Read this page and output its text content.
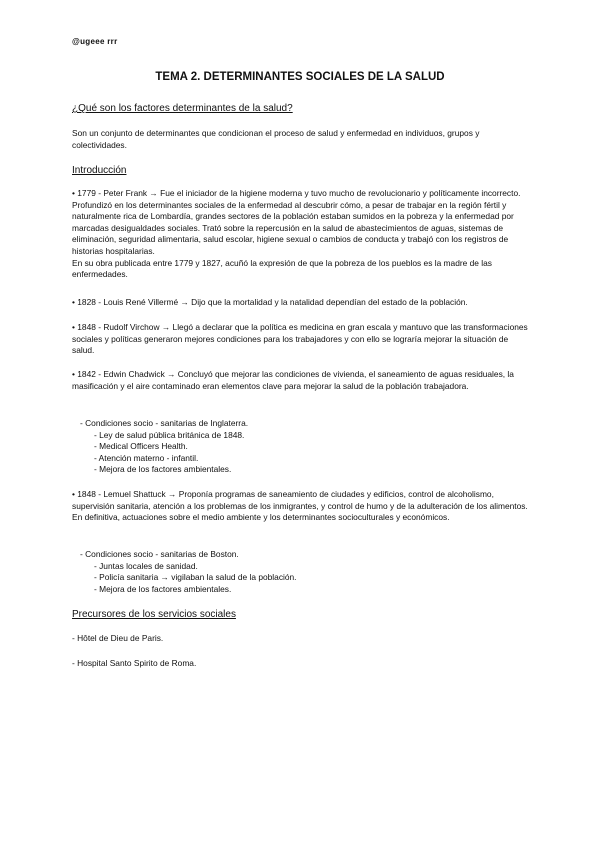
@ugeee rrr
TEMA 2. DETERMINANTES SOCIALES DE LA SALUD
¿Qué son los factores determinantes de la salud?
Son un conjunto de determinantes que condicionan el proceso de salud y enfermedad en individuos, grupos y colectividades.
Introducción

• 1779 - Peter Frank → Fue el iniciador de la higiene moderna y tuvo mucho de revolucionario y políticamente incorrecto. Profundizó en los determinantes sociales de la enfermedad al descubrir cómo, a pesar de trabajar en la región fértil y naturalmente rica de Lombardía, grandes sectores de la población estaban sumidos en la pobreza y la enfermedad por marcadas desigualdades sociales. Trató sobre la repercusión en la salud de abastecimientos de aguas, sistemas de eliminación, seguridad alimentaria, salud escolar, higiene sexual o cambios de conducta y trabajó con los registros de historias hospitalarias.

En su obra publicada entre 1779 y 1827, acuñó la expresión de que la pobreza de los pueblos es la madre de las enfermedades.

• 1828 - Louis René Villermé → Dijo que la mortalidad y la natalidad dependían del estado de la población.
• 1848 - Rudolf Virchow → Llegó a declarar que la política es medicina en gran escala y mantuvo que las transformaciones sociales y políticas generaron mejores condiciones para los trabajadores y con ello se lograría mejorar la situación de salud.
• 1842 - Edwin Chadwick → Concluyó que mejorar las condiciones de vivienda, el saneamiento de aguas residuales, la masificación y el aire contaminado eran elementos clave para mejorar la salud de la población trabajadora.

- Condiciones socio - sanitarias de Inglaterra.

- Ley de salud pública británica de 1848.

- Medical Officers Health.

- Atención materno - infantil.

- Mejora de los factores ambientales.

• 1848 - Lemuel Shattuck → Proponía programas de saneamiento de ciudades y edificios, control de alcoholismo, supervisión sanitaria, atención a los problemas de los inmigrantes, y control de humo y de la adulteración de los alimentos. En definitiva, actuaciones sobre el medio ambiente y los determinantes socioculturales y económicos.

- Condiciones socio - sanitarias de Boston.

- Juntas locales de sanidad.

- Policía sanitaria → vigilaban la salud de la población.

- Mejora de los factores ambientales.

Precursores de los servicios sociales
- Hôtel de Dieu de Paris.
- Hospital Santo Spirito de Roma.
